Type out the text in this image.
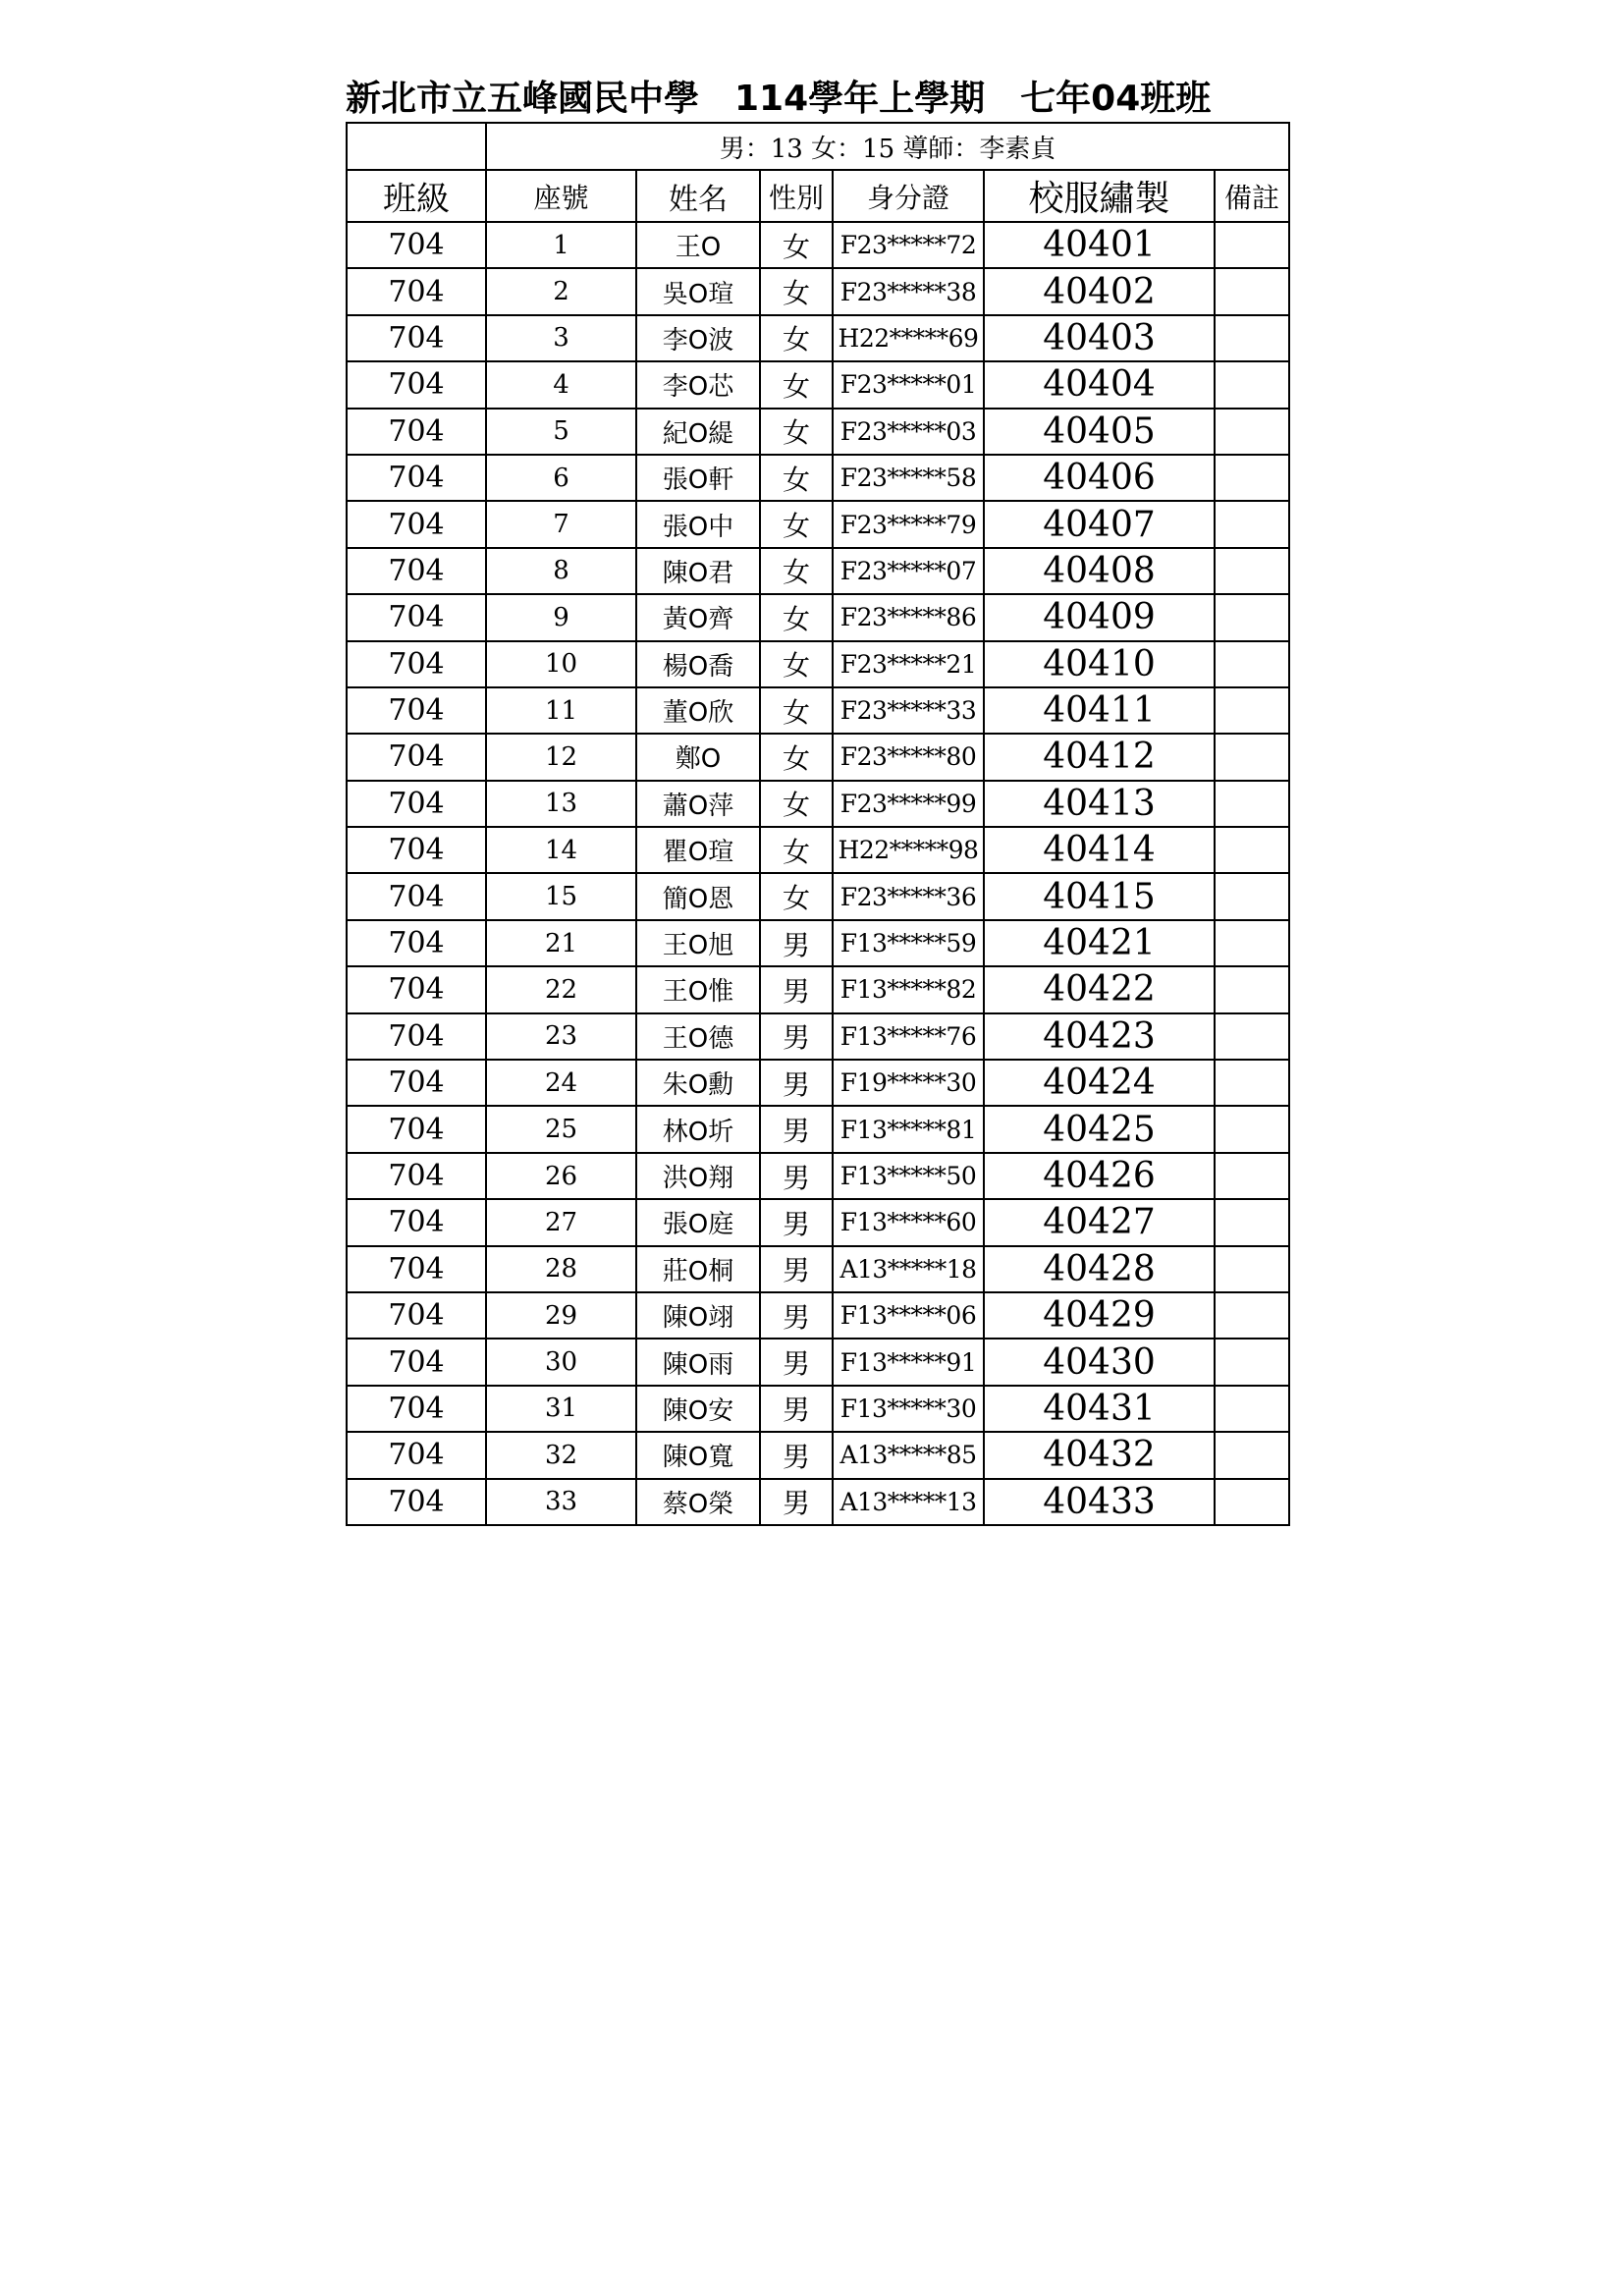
新北市立五峰國民中學　114學年上學期　七年04班班
	男：13 女：15 導師：李素貞					
班級	座號	姓名	性別	身分證	校服繡製	備註
704	1	王O	女	F23*****72	40401	
704	2	吳O瑄	女	F23*****38	40402	
704	3	李O波	女	H22*****69	40403	
704	4	李O芯	女	F23*****01	40404	
704	5	紀O緹	女	F23*****03	40405	
704	6	張O軒	女	F23*****58	40406	
704	7	張O中	女	F23*****79	40407	
704	8	陳O君	女	F23*****07	40408	
704	9	黃O齊	女	F23*****86	40409	
704	10	楊O喬	女	F23*****21	40410	
704	11	董O欣	女	F23*****33	40411	
704	12	鄭O	女	F23*****80	40412	
704	13	蕭O萍	女	F23*****99	40413	
704	14	瞿O瑄	女	H22*****98	40414	
704	15	簡O恩	女	F23*****36	40415	
704	21	王O旭	男	F13*****59	40421	
704	22	王O惟	男	F13*****82	40422	
704	23	王O德	男	F13*****76	40423	
704	24	朱O勳	男	F19*****30	40424	
704	25	林O圻	男	F13*****81	40425	
704	26	洪O翔	男	F13*****50	40426	
704	27	張O庭	男	F13*****60	40427	
704	28	莊O桐	男	A13*****18	40428	
704	29	陳O翊	男	F13*****06	40429	
704	30	陳O雨	男	F13*****91	40430	
704	31	陳O安	男	F13*****30	40431	
704	32	陳O寬	男	A13*****85	40432	
704	33	蔡O榮	男	A13*****13	40433	
